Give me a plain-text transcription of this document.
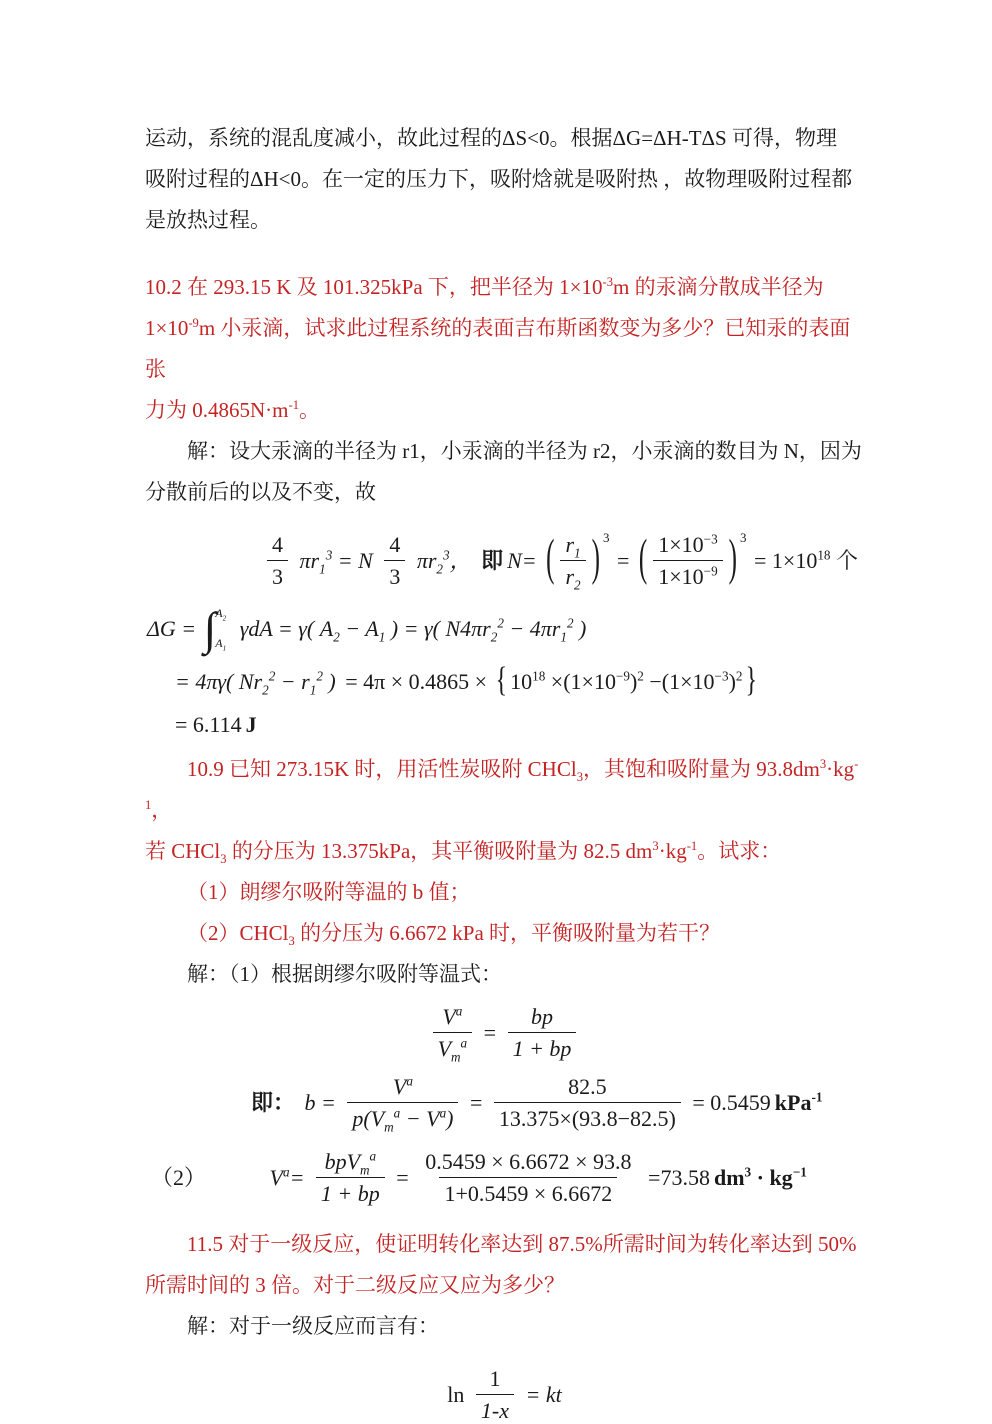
运动，系统的混乱度减小，故此过程的ΔS<0。根据ΔG=ΔH-TΔS 可得，物理
吸附过程的ΔH<0。在一定的压力下，吸附焓就是吸附热 ，故物理吸附过程都
是放热过程。
10.2 在 293.15 K 及 101.325kPa 下，把半径为 $1\times 10^{-3}m$ 的汞滴分散成半径为
$1\times 10^{-9}m$ 小汞滴，试求此过程系统的表面吉布斯函数变为多少？已知汞的表面张
力为 $0.4865N\cdot m^{-1}$。
解：设大汞滴的半径为 r1，小汞滴的半径为 r2，小汞滴的数目为 N，因为
分散前后的以及不变，故
$\frac{4}{3} \pi r_1^3 = N \frac{4}{3} \pi r_2^3$， 即 N= ( $\frac{r_1}{r_2}$ ) $^3$ = ( $\frac{1\times 10^{-3}}{1\times 10^{-9}}$ ) $^3 = 1\times 10^{18}$ 个
ΔG = ∫ $A_2$
$A_1$
γdA = γ( $A_2 - A_1$ ) = γ( $N4\pi r_2^2 - 4\pi r_1^2$ )
= 4πγ( $Nr_2^2 - r_1^2$ ) = 4π × 0.4865 × { $10^{18} \times(1\times 10^{-9})^2 -(1\times 10^{-3})^2$ }
= 6.114 J
10.9 已知 273.15K 时，用活性炭吸附 CHCl$_3$，其饱和吸附量为 $93.8dm^3\cdot kg^{-1}$，
若 CHCl$_3$ 的分压为 13.375kPa，其平衡吸附量为 82.5 $dm^3\cdot kg^{-1}$。试求：
（1）朗缪尔吸附等温的 b 值；
（2）CHCl$_3$ 的分压为 6.6672 kPa 时，平衡吸附量为若干？
解：（1）根据朗缪尔吸附等温式：
$\frac{V^a}{V_m^a} = \frac{bp}{1 + bp}$
即： $b = \frac{V^a}{p(V_m^a - V^a)} = \frac{82.5}{13.375\times(93.8-82.5)} = 0.5459$ kPa$^{-1}$
（2）	$V^a= \frac{bpV_m^a}{1 + bp} = \frac{0.5459 \times 6.6672 \times 93.8}{1+0.5459 \times 6.6672} =73.58$ $dm^3 \cdot kg^{-1}$
11.5 对于一级反应，使证明转化率达到 87.5%所需时间为转化率达到 50%
所需时间的 3 倍。对于二级反应又应为多少？
解：对于一级反应而言有：
$\ln \frac{1}{1-x}$ = kt
